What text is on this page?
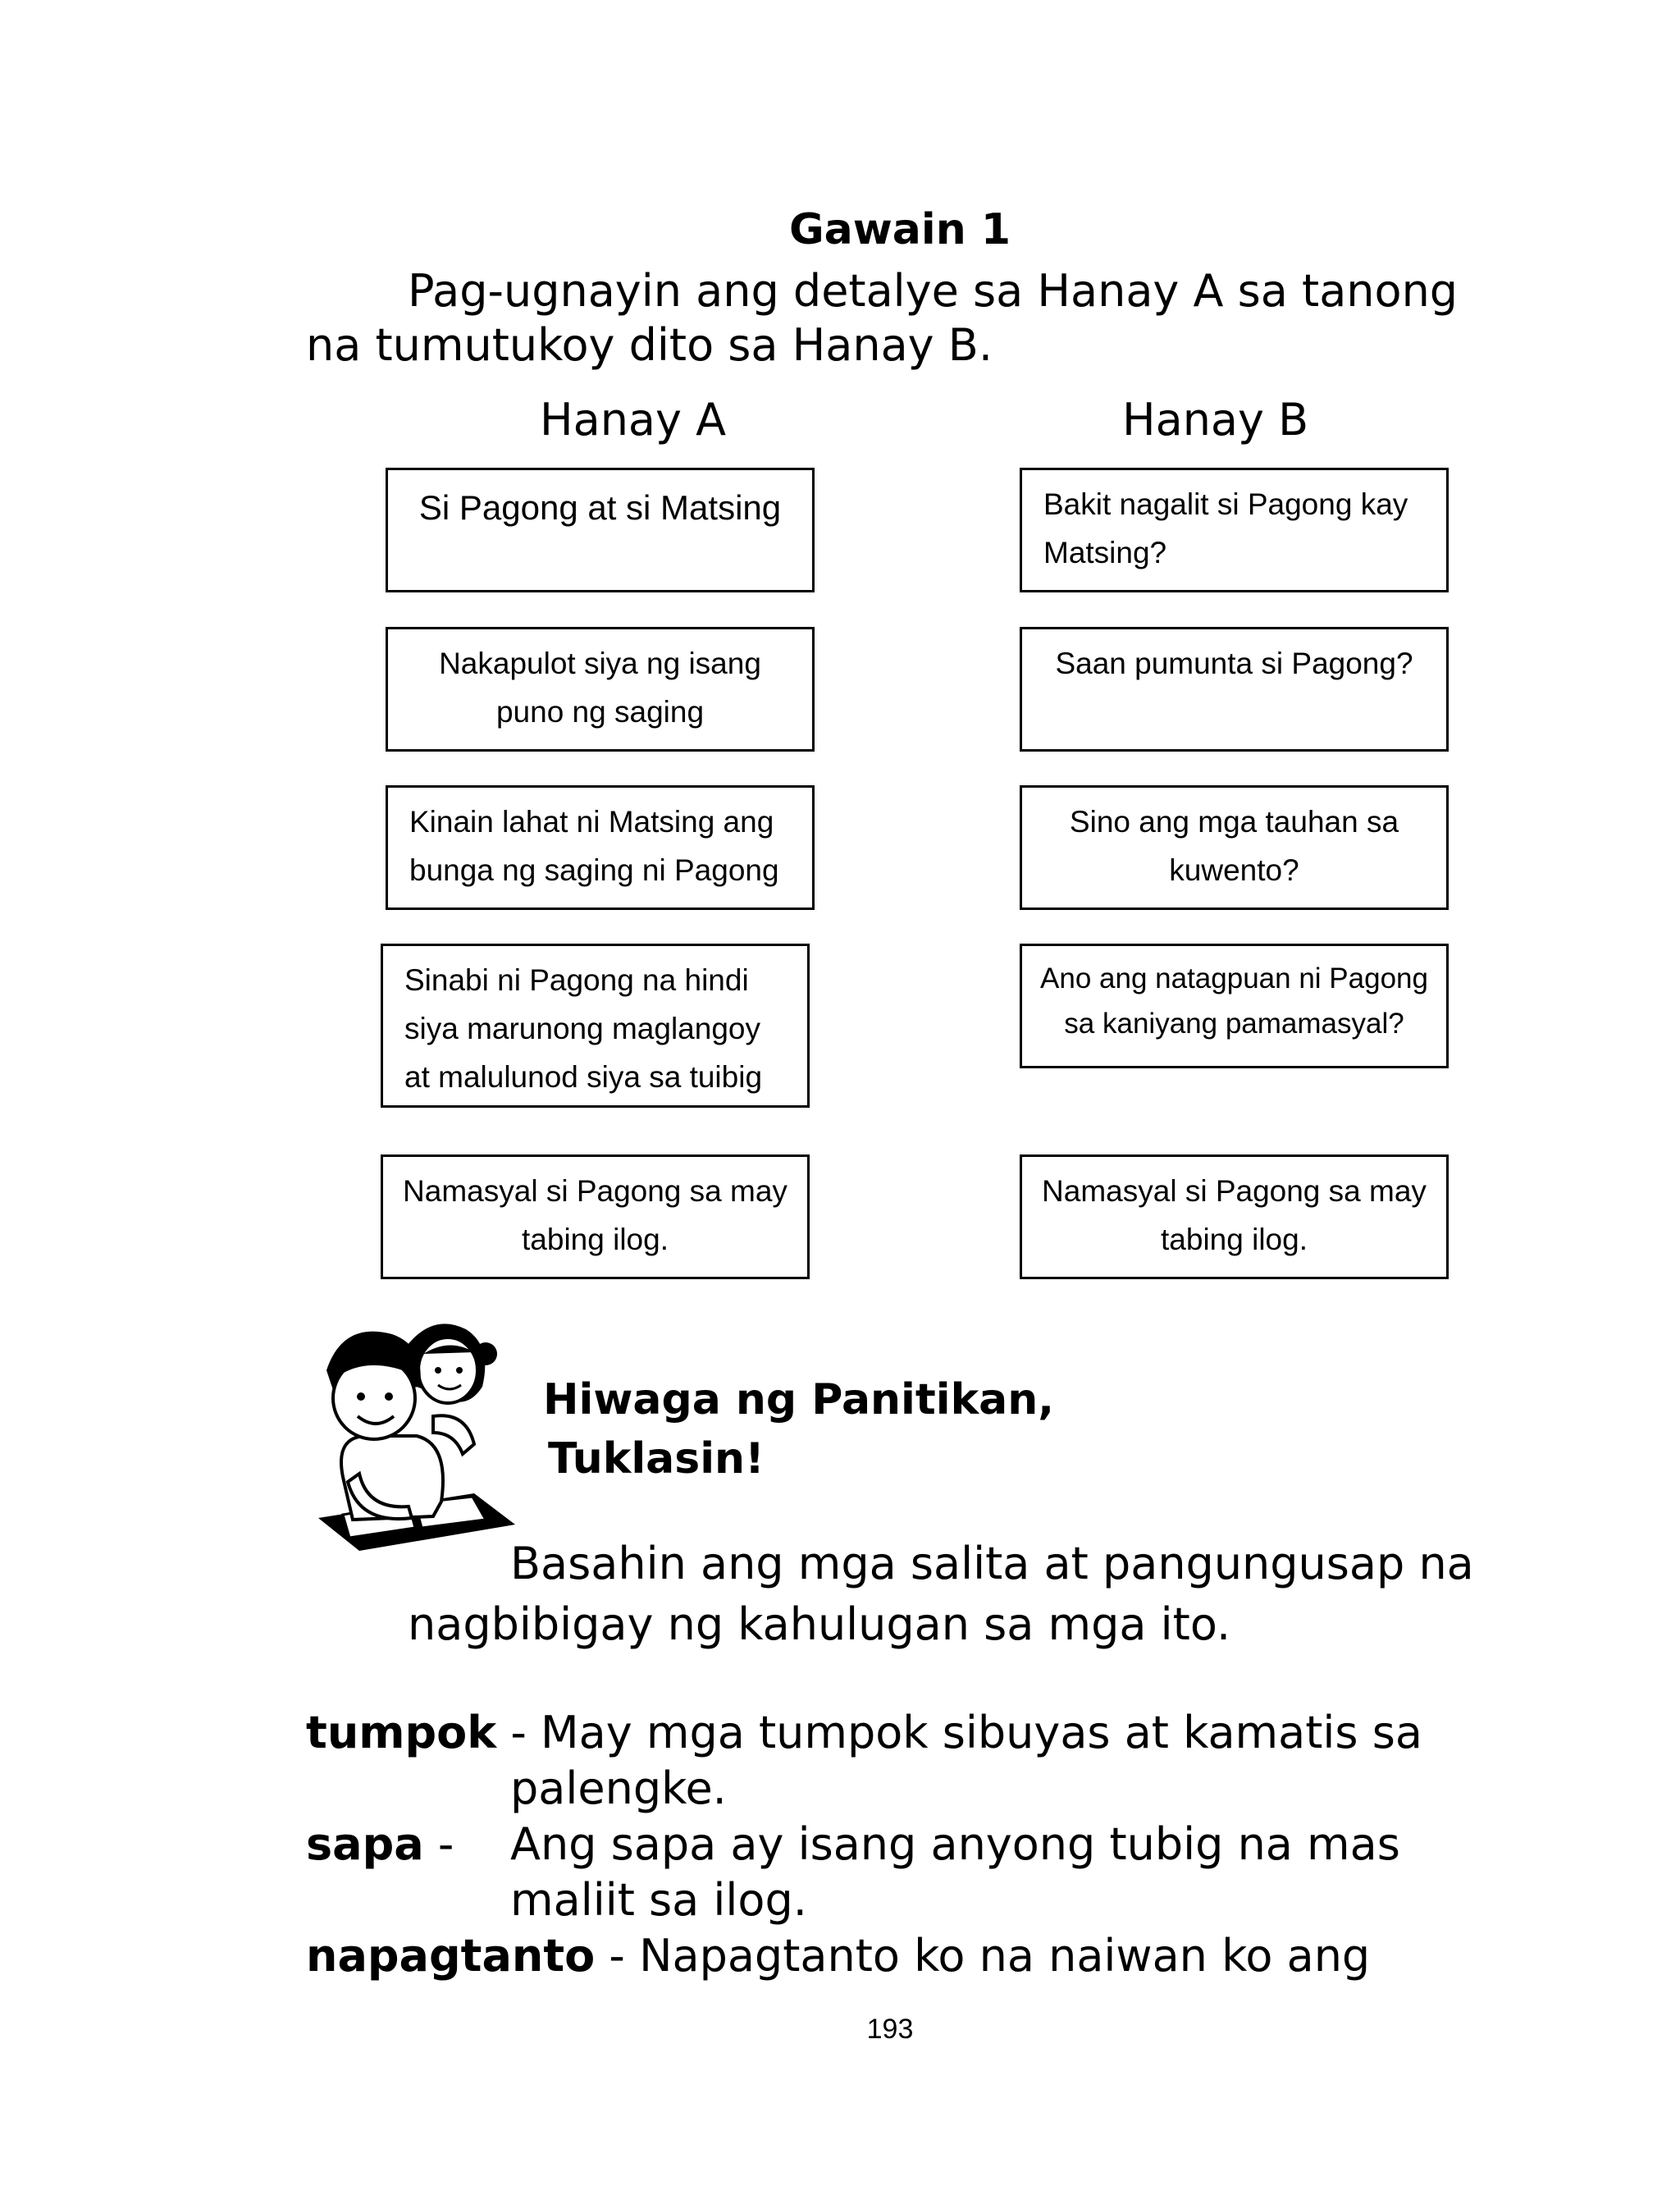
Gawain 1
Pag-ugnayin ang detalye sa Hanay A sa tanong
na tumutukoy dito sa Hanay B.
Hanay A	Hanay B
Si Pagong at si Matsing
Nakapulot siya ng isang puno ng saging
Kinain lahat ni Matsing ang bunga ng saging ni Pagong
Sinabi ni Pagong na hindi siya marunong maglangoy at malulunod siya sa tuibig
Namasyal si Pagong sa may tabing ilog.
Bakit nagalit si Pagong kay Matsing?
Saan pumunta si Pagong?
Sino ang mga tauhan sa kuwento?
Ano ang natagpuan ni Pagong sa kaniyang pamamasyal?
Namasyal si Pagong sa may tabing ilog.
Hiwaga ng Panitikan,
Tuklasin!
Basahin ang mga salita at pangungusap na
nagbibigay ng kahulugan sa mga ito.
tumpok - May mga tumpok sibuyas at kamatis sa
palengke.
sapa - Ang sapa ay isang anyong tubig na mas
maliit sa ilog.
napagtanto - Napagtanto ko na naiwan ko ang
193
